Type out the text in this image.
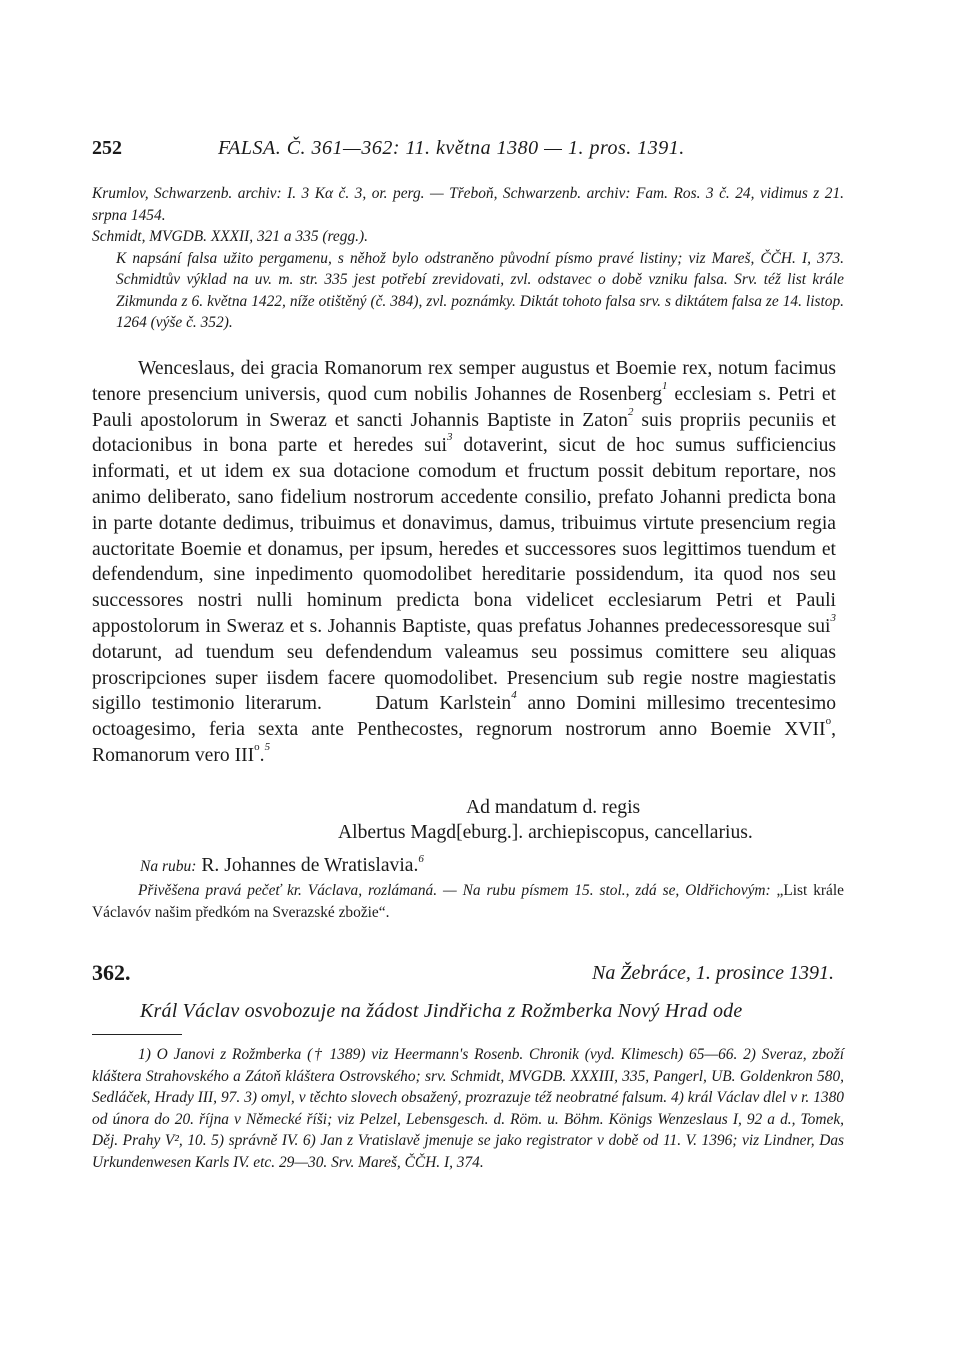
252	FALSA. Č. 361—362: 11. května 1380 — 1. pros. 1391.

Krumlov, Schwarzenb. archiv: I. 3 Kα č. 3, or. perg. — Třeboň, Schwarzenb. archiv: Fam. Ros. 3 č. 24, vidimus z 21. srpna 1454.

Schmidt, MVGDB. XXXII, 321 a 335 (regg.).

K napsání falsa užito pergamenu, s něhož bylo odstraněno původní písmo pravé listiny; viz Mareš, ČČH. I, 373. Schmidtův výklad na uv. m. str. 335 jest potřebí zrevidovati, zvl. odstavec o době vzniku falsa. Srv. též list krále Zikmunda z 6. května 1422, níže otištěný (č. 384), zvl. poznámky. Diktát tohoto falsa srv. s diktátem falsa ze 14. listop. 1264 (výše č. 352).

Wenceslaus, dei gracia Romanorum rex semper augustus et Boemie rex, notum facimus tenore presencium universis, quod cum nobilis Johannes de Rosenberg$^1$ ecclesiam s. Petri et Pauli apostolorum in Sweraz et sancti Johannis Baptiste in Zaton$^2$ suis propriis pecuniis et dotacionibus in bona parte et heredes sui$^3$ dotaverint, sicut de hoc sumus sufficiencius informati, et ut idem ex sua dotacione comodum et fructum possit debitum reportare, nos animo deliberato, sano fidelium nostrorum accedente consilio, prefato Johanni predicta bona in parte dotante dedimus, tribuimus et donavimus, damus, tribuimus virtute presencium regia auctoritate Boemie et donamus, per ipsum, heredes et successores suos legittimos tuendum et defendendum, sine inpedimento quomodolibet hereditarie possidendum, ita quod nos seu successores nostri nulli hominum predicta bona videlicet ecclesiarum Petri et Pauli appostolorum in Sweraz et s. Johannis Baptiste, quas prefatus Johannes predecessoresque sui$^3$ dotarunt, ad tuendum seu defendendum valeamus seu possimus comittere seu aliquas proscripciones super iisdem facere quomodolibet. Presencium sub regie nostre magiestatis sigillo testimonio literarum.	Datum Karlstein$^4$ anno Domini millesimo trecentesimo octoagesimo, feria sexta ante Penthecostes, regnorum nostrorum anno Boemie XVII$^o$, Romanorum vero III$^o$.$^5$

Ad mandatum d. regis
Albertus Magd[eburg.]. archiepiscopus, cancellarius.
Na rubu: R. Johannes de Wratislavia.$^6$

Přivěšena pravá pečeť kr. Václava, rozlámaná. — Na rubu písmem 15. stol., zdá se, Oldřichovým: „List krále Václavóv našim předkóm na Sverazské zbožie“.

362.	Na Žebrácе, 1. prosince 1391.
Král Václav osvobozuje na žádost Jindřicha z Rožmberka Nový Hrad ode

1) O Janovi z Rožmberka († 1389) viz Heermann's Rosenb. Chronik (vyd. Klimesch) 65—66. 2) Sveraz, zboží kláštera Strahovského a Zátoň kláštera Ostrovského; srv. Schmidt, MVGDB. XXXIII, 335, Pangerl, UB. Goldenkron 580, Sedláček, Hrady III, 97. 3) omyl, v těchto slovech obsažený, prozrazuje též neobratné falsum. 4) král Václav dlel v r. 1380 od února do 20. října v Německé říši; viz Pelzel, Lebensgesch. d. Röm. u. Böhm. Königs Wenzeslaus I, 92 a d., Tomek, Děj. Prahy V², 10. 5) správně IV. 6) Jan z Vratislavě jmenuje se jako registrator v době od 11. V. 1396; viz Lindner, Das Urkundenwesen Karls IV. etc. 29—30. Srv. Mareš, ČČH. I, 374.
